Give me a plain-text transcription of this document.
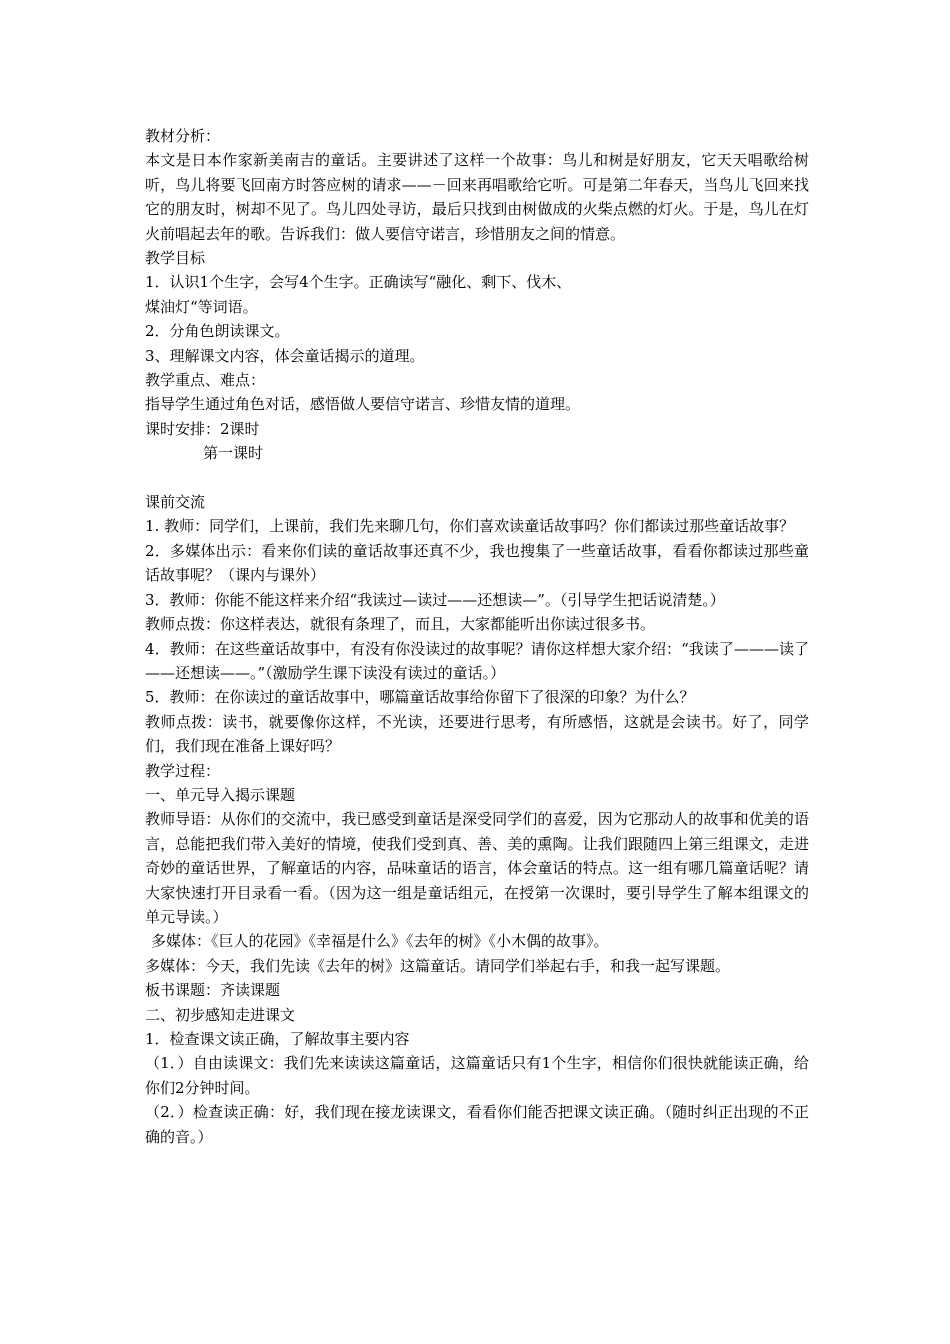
教材分析：

本文是日本作家新美南吉的童话。主要讲述了这样一个故事：鸟儿和树是好朋友，它天天唱歌给树听，鸟儿将要飞回南方时答应树的请求——－回来再唱歌给它听。可是第二年春天，当鸟儿飞回来找它的朋友时，树却不见了。鸟儿四处寻访，最后只找到由树做成的火柴点燃的灯火。于是，鸟儿在灯火前唱起去年的歌。告诉我们：做人要信守诺言，珍惜朋友之间的情意。

教学目标

1．认识1个生字，会写4个生字。正确读写“融化、剩下、伐木、

煤油灯“等词语。

2．分角色朗读课文。

3、理解课文内容，体会童话揭示的道理。

教学重点、难点：

指导学生通过角色对话，感悟做人要信守诺言、珍惜友情的道理。

课时安排：2课时

第一课时

课前交流

1. 教师：同学们，上课前，我们先来聊几句，你们喜欢读童话故事吗？你们都读过那些童话故事？

2．多媒体出示：看来你们读的童话故事还真不少，我也搜集了一些童话故事，看看你都读过那些童话故事呢？（课内与课外）

3．教师：你能不能这样来介绍“我读过—读过——还想读—”。（引导学生把话说清楚。）

教师点拨：你这样表达，就很有条理了，而且，大家都能听出你读过很多书。

4．教师：在这些童话故事中，有没有你没读过的故事呢？请你这样想大家介绍：“我读了———读了——还想读——。”（激励学生课下读没有读过的童话。）

5．教师：在你读过的童话故事中，哪篇童话故事给你留下了很深的印象？为什么？

教师点拨：读书，就要像你这样，不光读，还要进行思考，有所感悟，这就是会读书。好了，同学们，我们现在准备上课好吗？

教学过程：

一、单元导入揭示课题

教师导语：从你们的交流中，我已感受到童话是深受同学们的喜爱，因为它那动人的故事和优美的语言，总能把我们带入美好的情境，使我们受到真、善、美的熏陶。让我们跟随四上第三组课文，走进奇妙的童话世界，了解童话的内容，品味童话的语言，体会童话的特点。这一组有哪几篇童话呢？请大家快速打开目录看一看。（因为这一组是童话组元，在授第一次课时，要引导学生了解本组课文的单元导读。）

多媒体：《巨人的花园》《幸福是什么》《去年的树》《小木偶的故事》。

多媒体：今天，我们先读《去年的树》这篇童话。请同学们举起右手，和我一起写课题。

板书课题：齐读课题

二、初步感知走进课文

1．检查课文读正确，了解故事主要内容

（1．）自由读课文：我们先来读读这篇童话，这篇童话只有1个生字，相信你们很快就能读正确，给你们2分钟时间。

（2．）检查读正确：好，我们现在接龙读课文，看看你们能否把课文读正确。（随时纠正出现的不正确的音。）
